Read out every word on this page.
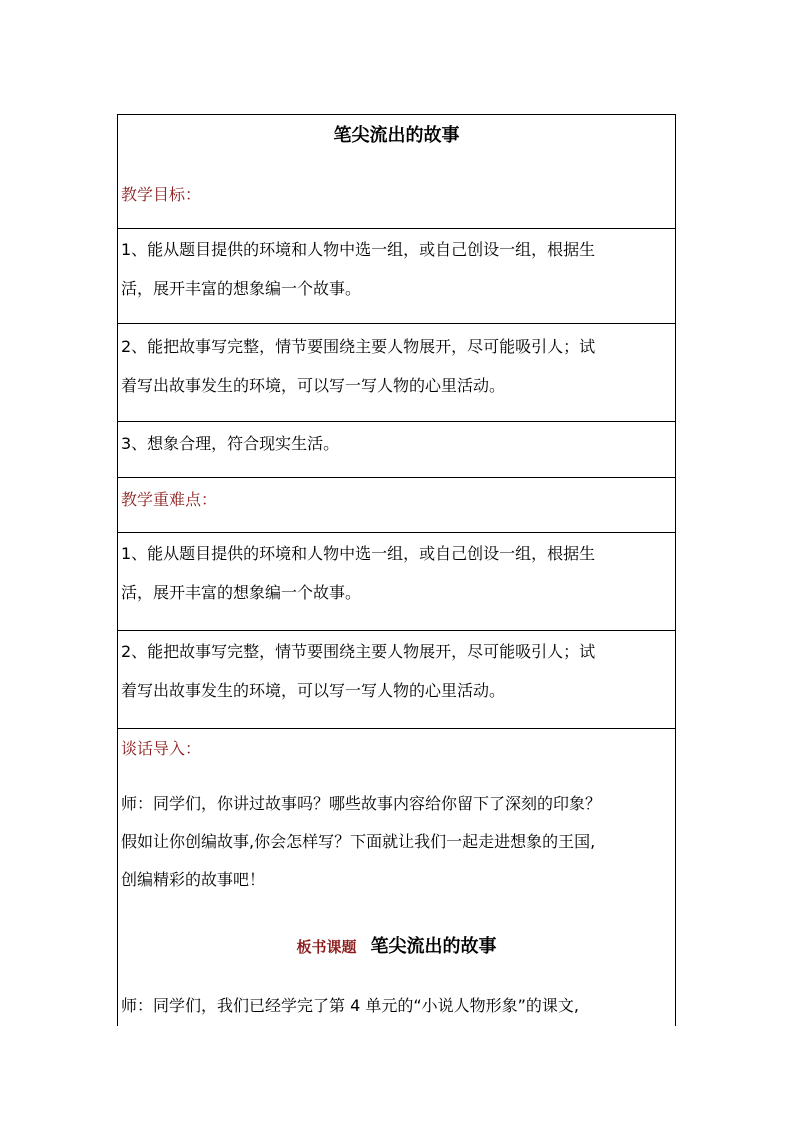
笔尖流出的故事
教学目标：
1、能从题目提供的环境和人物中选一组，或自己创设一组，根据生
活，展开丰富的想象编一个故事。
2、能把故事写完整，情节要围绕主要人物展开，尽可能吸引人；试
着写出故事发生的环境，可以写一写人物的心里活动。
3、想象合理，符合现实生活。
教学重难点：
1、能从题目提供的环境和人物中选一组，或自己创设一组，根据生
活，展开丰富的想象编一个故事。
2、能把故事写完整，情节要围绕主要人物展开，尽可能吸引人；试
着写出故事发生的环境，可以写一写人物的心里活动。
谈话导入：
师：同学们，你讲过故事吗？哪些故事内容给你留下了深刻的印象？
假如让你创编故事,你会怎样写？下面就让我们一起走进想象的王国,
创编精彩的故事吧！
板书课题 笔尖流出的故事
师：同学们，我们已经学完了第 4 单元的“小说人物形象”的课文,
